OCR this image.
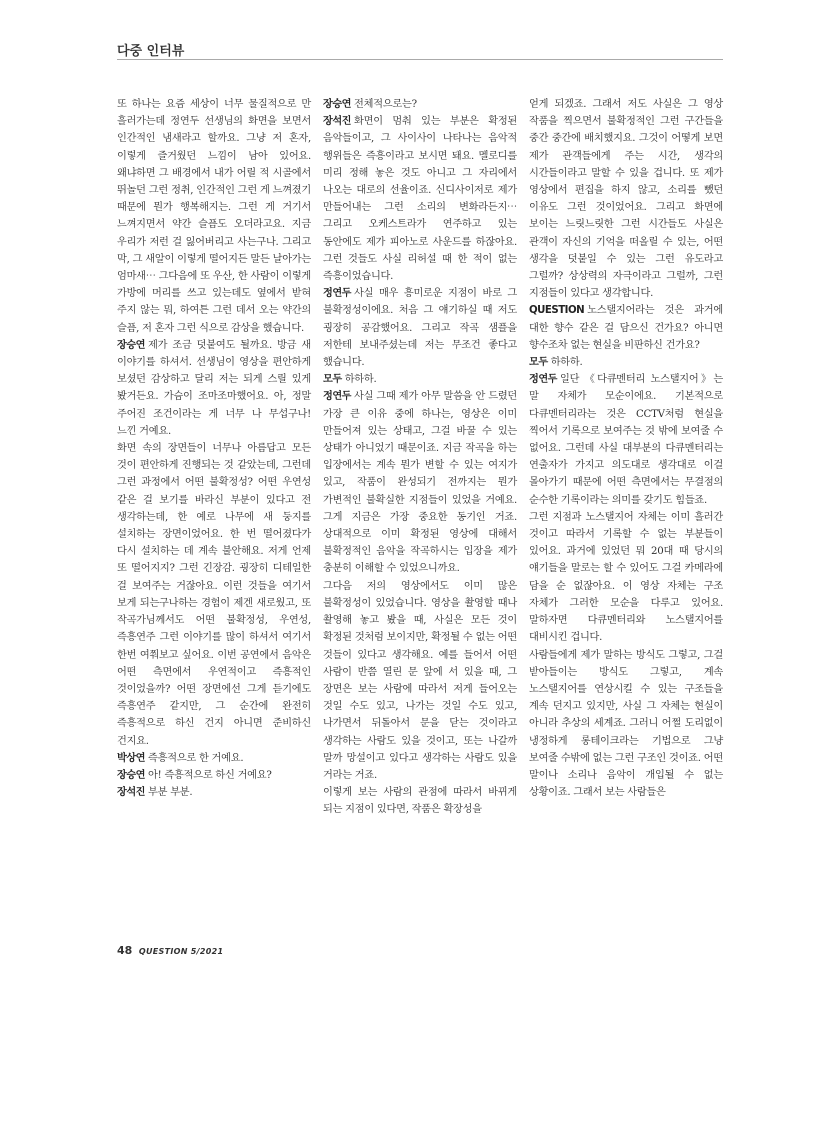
다중 인터뷰

또 하나는 요즘 세상이 너무 물질적으로 만 흘러가는데 정연두 선생님의 화면을 보면서 인간적인 냄새라고 할까요. 그냥 저 혼자, 이렇게 즐거웠던 느낌이 남아 있어요. 왜냐하면 그 배경에서 내가 어릴 적 시골에서 뛰놀던 그런 정취, 인간적인 그런 게 느껴졌기 때문에 뭔가 행복해지는. 그런 게 거기서 느껴지면서 약간 슬픔도 오더라고요. 지금 우리가 저런 걸 잃어버리고 사는구나. 그리고 막, 그 새알이 이렇게 떨어지든 말든 날아가는 엄마새⋯ 그다음에 또 우산, 한 사람이 이렇게 가방에 머리를 쓰고 있는데도 옆에서 받혀 주지 않는 뭐, 하여튼 그런 데서 오는 약간의 슬픔, 저 혼자 그런 식으로 감상을 했습니다.

장승연 제가 조금 덧붙여도 될까요. 방금 새 이야기를 하셔서. 선생님이 영상을 편안하게 보셨던 감상하고 달리 저는 되게 스릴 있게 봤거든요. 가슴이 조마조마했어요. 아, 정말 주어진 조건이라는 게 너무 나 무섭구나! 느낀 거예요.

화면 속의 장면들이 너무나 아름답고 모든 것이 편안하게 진행되는 것 같았는데, 그런데 그런 과정에서 어떤 불확정성? 어떤 우연성 같은 걸 보기를 바라신 부분이 있다고 전 생각하는데, 한 예로 나무에 새 둥지를 설치하는 장면이었어요. 한 번 떨어졌다가 다시 설치하는 데 계속 불안해요. 저게 언제 또 떨어지지? 그런 긴장감. 굉장히 디테일한 걸 보여주는 거잖아요. 이런 것들을 여기서 보게 되는구나하는 경험이 제겐 새로웠고, 또 작곡가님께서도 어떤 불확정성, 우연성, 즉흥연주 그런 이야기를 많이 하셔서 여기서 한번 여쭤보고 싶어요. 이번 공연에서 음악은 어떤 측면에서 우연적이고 즉흥적인 것이었을까? 어떤 장면에선 그게 듣기에도 즉흥연주 같지만, 그 순간에 완전히 즉흥적으로 하신 건지 아니면 준비하신 건지요.

박상연 즉흥적으로 한 거예요.

장승연 아! 즉흥적으로 하신 거예요?

장석진 부분 부분.

장승연 전체적으로는?

장석진 화면이 멈춰 있는 부분은 확정된 음악들이고, 그 사이사이 나타나는 음악적 행위들은 즉흥이라고 보시면 돼요. 멜로디를 미리 정해 놓은 것도 아니고 그 자리에서 나오는 대로의 선율이죠. 신디사이저로 제가 만들어내는 그런 소리의 변화라든지⋯ 그리고 오케스트라가 연주하고 있는 동안에도 제가 피아노로 사운드를 하잖아요. 그런 것들도 사실 리허설 때 한 적이 없는 즉흥이었습니다.

정연두 사실 매우 흥미로운 지점이 바로 그 불확정성이에요. 처음 그 얘기하실 때 저도 굉장히 공감했어요. 그리고 작곡 샘플을 저한테 보내주셨는데 저는 무조건 좋다고 했습니다.

모두 하하하.

정연두 사실 그때 제가 아무 말씀을 안 드렸던 가장 큰 이유 중에 하나는, 영상은 이미 만들어져 있는 상태고, 그걸 바꿀 수 있는 상태가 아니었기 때문이죠. 지금 작곡을 하는 입장에서는 계속 뭔가 변할 수 있는 여지가 있고, 작품이 완성되기 전까지는 뭔가 가변적인 불확실한 지점들이 있었을 거예요. 그게 지금은 가장 중요한 동기인 거죠. 상대적으로 이미 확정된 영상에 대해서 불확정적인 음악을 작곡하시는 입장을 제가 충분히 이해할 수 있었으니까요.

그다음 저의 영상에서도 이미 많은 불확정성이 있었습니다. 영상을 촬영할 때나 촬영해 놓고 봤을 때, 사실은 모든 것이 확정된 것처럼 보이지만, 확정될 수 없는 어떤 것들이 있다고 생각해요. 예를 들어서 어떤 사람이 반쯤 열린 문 앞에 서 있을 때, 그 장면은 보는 사람에 따라서 저게 들어오는 것일 수도 있고, 나가는 것일 수도 있고, 나가면서 뒤돌아서 문을 닫는 것이라고 생각하는 사람도 있을 것이고, 또는 나갈까 말까 망설이고 있다고 생각하는 사람도 있을 거라는 거죠.

이렇게 보는 사람의 관점에 따라서 바뀌게 되는 지점이 있다면, 작품은 확장성을

얻게 되겠죠. 그래서 저도 사실은 그 영상 작품을 찍으면서 불확정적인 그런 구간들을 중간 중간에 배치했지요. 그것이 어떻게 보면 제가 관객들에게 주는 시간, 생각의 시간들이라고 말할 수 있을 겁니다. 또 제가 영상에서 편집을 하지 않고, 소리를 뺐던 이유도 그런 것이었어요. 그리고 화면에 보이는 느릿느릿한 그런 시간들도 사실은 관객이 자신의 기억을 떠올릴 수 있는, 어떤 생각을 덧붙일 수 있는 그런 유도라고 그럴까? 상상력의 자극이라고 그럴까, 그런 지점들이 있다고 생각합니다.

QUESTION 노스탤지어라는 것은 과거에 대한 향수 같은 걸 담으신 건가요? 아니면 향수조차 없는 현실을 비판하신 건가요?

모두 하하하.

정연두 일단 《다큐멘터리 노스탤지어》는 말 자체가 모순이에요. 기본적으로 다큐멘터리라는 것은 CCTV처럼 현실을 찍어서 기록으로 보여주는 것 밖에 보여줄 수 없어요. 그런데 사실 대부분의 다큐멘터리는 연출자가 가지고 의도대로 생각대로 이걸 몰아가기 때문에 어떤 측면에서는 무결점의 순수한 기록이라는 의미를 갖기도 힘들죠.

그런 지점과 노스탤지어 자체는 이미 흘러간 것이고 따라서 기록할 수 없는 부분들이 있어요. 과거에 있었던 뭐 20대 때 당시의 얘기들을 말로는 할 수 있어도 그걸 카메라에 담을 순 없잖아요. 이 영상 자체는 구조 자체가 그러한 모순을 다루고 있어요. 말하자면 다큐멘터리와 노스탤지어를 대비시킨 겁니다.

사람들에게 제가 말하는 방식도 그렇고, 그걸 받아들이는 방식도 그렇고, 계속 노스탤지어를 연상시킬 수 있는 구조들을 계속 던지고 있지만, 사실 그 자체는 현실이 아니라 추상의 세계죠. 그러니 어쩔 도리없이 냉정하게 롱테이크라는 기법으로 그냥 보여줄 수밖에 없는 그런 구조인 것이죠. 어떤 말이나 소리나 음악이 개입될 수 없는 상황이죠. 그래서 보는 사람들은

48 QUESTION 5/2021
